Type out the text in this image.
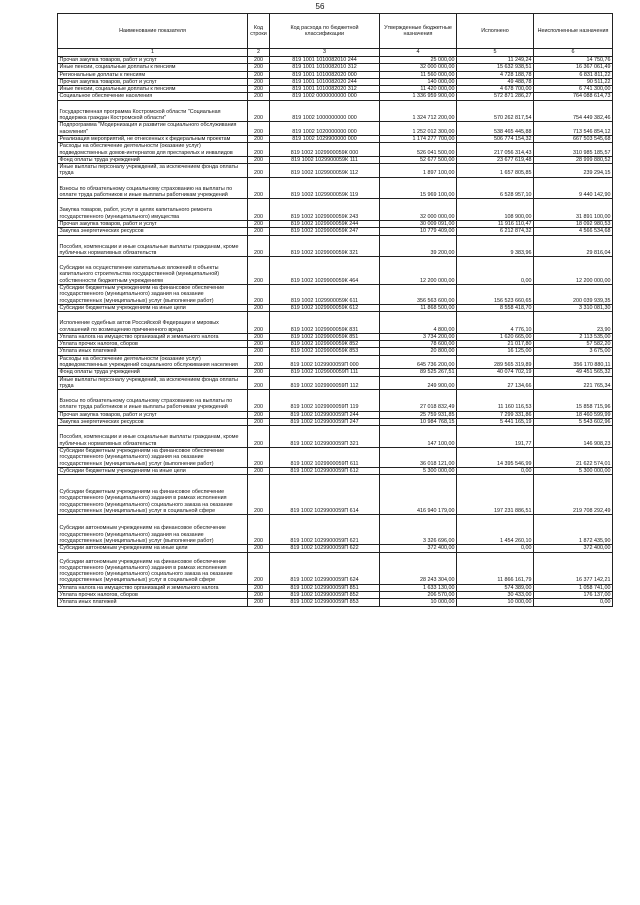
56
Наименование показателя	Код строки	Код расхода по бюджетной классификации	Утвержденные бюджетные назначения	Исполнено	Неисполненные назначения
1	2	3	4	5	6
Прочая закупка товаров, работ и услуг	200	819 1001 1010082010 244	25 000,00	11 249,24	14 750,76
Иные пенсии, социальные доплаты к пенсиям	200	819 1001 1010082010 312	32 000 000,00	15 632 938,51	16 367 061,49
Региональные доплаты к пенсиям	200	819 1001 1010082020 000	11 560 000,00	4 728 188,78	6 831 811,22
Прочая закупка товаров, работ и услуг	200	819 1001 1010082020 244	140 000,00	49 488,78	90 511,22
Иные пенсии, социальные доплаты к пенсиям	200	819 1001 1010082020 312	11 420 000,00	4 678 700,00	6 741 300,00
Социальное обеспечение населения	200	819 1002 0000000000 000	1 336 959 900,00	572 871 286,27	764 088 614,73
Государственная программа Костромской области "Социальная поддержка граждан Костромской области"	200	819 1002 1000000000 000	1 324 712 200,00	570 262 817,54	754 449 382,46
Подпрограмма "Модернизация и развитие социального обслуживания населения"	200	819 1002 1020000000 000	1 252 012 300,00	538 465 445,88	713 546 854,12
Реализация мероприятий, не отнесенных к федеральным проектам	200	819 1002 1029900000 000	1 174 277 700,00	506 774 154,32	667 503 545,68
Расходы на обеспечение деятельности (оказание услуг) подведомственных домов-интернатов для престарелых и инвалидов	200	819 1002 1029900059К 000	526 041 500,00	217 056 314,43	310 985 185,57
Фонд оплаты труда учреждений	200	819 1002 1029900059К 111	52 677 500,00	23 677 619,48	28 999 880,52
Иные выплаты персоналу учреждений, за исключением фонда оплаты труда	200	819 1002 1029900059К 112	1 897 100,00	1 657 805,85	239 294,15
Взносы по обязательному социальному страхованию на выплаты по оплате труда работников и иные выплаты работникам учреждений	200	819 1002 1029900059К 119	15 969 100,00	6 528 957,10	9 440 142,90
Закупка товаров, работ, услуг в целях капитального ремонта государственного (муниципального) имущества	200	819 1002 1029900059К 243	32 000 000,00	108 900,00	31 891 100,00
Прочая закупка товаров, работ и услуг	200	819 1002 1029900059К 244	30 009 091,00	11 916 110,47	18 092 980,53
Закупка энергетических ресурсов	200	819 1002 1029900059К 247	10 779 409,00	6 212 874,32	4 566 534,68
Пособия, компенсации и иные социальные выплаты гражданам, кроме публичных нормативных обязательств	200	819 1002 1029900059К 321	39 200,00	9 383,96	29 816,04
Субсидии на осуществление капитальных вложений в объекты капитального строительства государственной (муниципальной) собственности бюджетным учреждениям	200	819 1002 1029900059К 464	12 200 000,00	0,00	12 200 000,00
Субсидии бюджетным учреждениям на финансовое обеспечение государственного (муниципального) задания на оказание государственных (муниципальных) услуг (выполнение работ)	200	819 1002 1029900059К 611	356 563 600,00	156 523 660,65	200 039 939,35
Субсидии бюджетным учреждениям на иные цели	200	819 1002 1029900059К 612	11 868 500,00	8 558 418,70	3 310 081,30
Исполнение судебных актов Российской Федерации и мировых соглашений по возмещению причиненного вреда	200	819 1002 1029900059К 831	4 800,00	4 776,10	23,90
Уплата налога на имущество организаций и земельного налога	200	819 1002 1029900059К 851	3 734 200,00	1 620 665,00	2 113 535,00
Уплата прочих налогов, сборов	200	819 1002 1029900059К 852	78 600,00	21 017,80	57 582,20
Уплата иных платежей	200	819 1002 1029900059К 853	20 800,00	16 125,00	3 675,00
Расходы на обеспечение деятельности (оказание услуг) подведомственных учреждений социального обслуживания населения	200	819 1002 1029900059П 000	645 736 200,00	289 565 319,89	356 170 880,11
Фонд оплаты труда учреждений	200	819 1002 1029900059П 111	89 525 267,51	40 074 702,19	49 451 565,32
Иные выплаты персоналу учреждений, за исключением фонда оплаты труда	200	819 1002 1029900059П 112	249 900,00	27 134,66	221 765,34
Взносы по обязательному социальному страхованию на выплаты по оплате труда работников и иные выплаты работникам учреждений	200	819 1002 1029900059П 119	27 018 832,49	11 160 116,53	15 858 715,96
Прочая закупка товаров, работ и услуг	200	819 1002 1029900059П 244	25 759 931,85	7 299 331,86	18 460 599,99
Закупка энергетических ресурсов	200	819 1002 1029900059П 247	10 984 768,15	5 441 165,19	5 543 602,96
Пособия, компенсации и иные социальные выплаты гражданам, кроме публичных нормативных обязательств	200	819 1002 1029900059П 321	147 100,00	191,77	146 908,23
Субсидии бюджетным учреждениям на финансовое обеспечение государственного (муниципального) задания на оказание государственных (муниципальных) услуг (выполнение работ)	200	819 1002 1029900059П 611	36 018 121,00	14 395 546,99	21 622 574,01
Субсидии бюджетным учреждениям на иные цели	200	819 1002 1029900059П 612	5 300 000,00	0,00	5 300 000,00
Субсидии бюджетным учреждениям на финансовое обеспечение государственного (муниципального) задания в рамках исполнения государственного (муниципального) социального заказа на оказание государственных (муниципальных) услуг в социальной сфере	200	819 1002 1029900059П 614	416 940 179,00	197 231 886,51	219 708 292,49
Субсидии автономным учреждениям на финансовое обеспечение государственного (муниципального) задания на оказание государственных (муниципальных) услуг (выполнение работ)	200	819 1002 1029900059П 621	3 326 696,00	1 454 260,10	1 872 435,90
Субсидии автономным учреждениям на иные цели	200	819 1002 1029900059П 622	372 400,00	0,00	372 400,00
Субсидии автономным учреждениям на финансовое обеспечение государственного (муниципального) задания в рамках исполнения государственного (муниципального) социального заказа на оказание государственных (муниципальных) услуг в социальной сфере	200	819 1002 1029900059П 624	28 243 304,00	11 866 161,79	16 377 142,21
Уплата налога на имущество организаций и земельного налога	200	819 1002 1029900059П 851	1 633 130,00	574 389,00	1 058 741,00
Уплата прочих налогов, сборов	200	819 1002 1029900059П 852	206 570,00	30 433,00	176 137,00
Уплата иных платежей	200	819 1002 1029900059П 853	10 000,00	10 000,00	0,00
